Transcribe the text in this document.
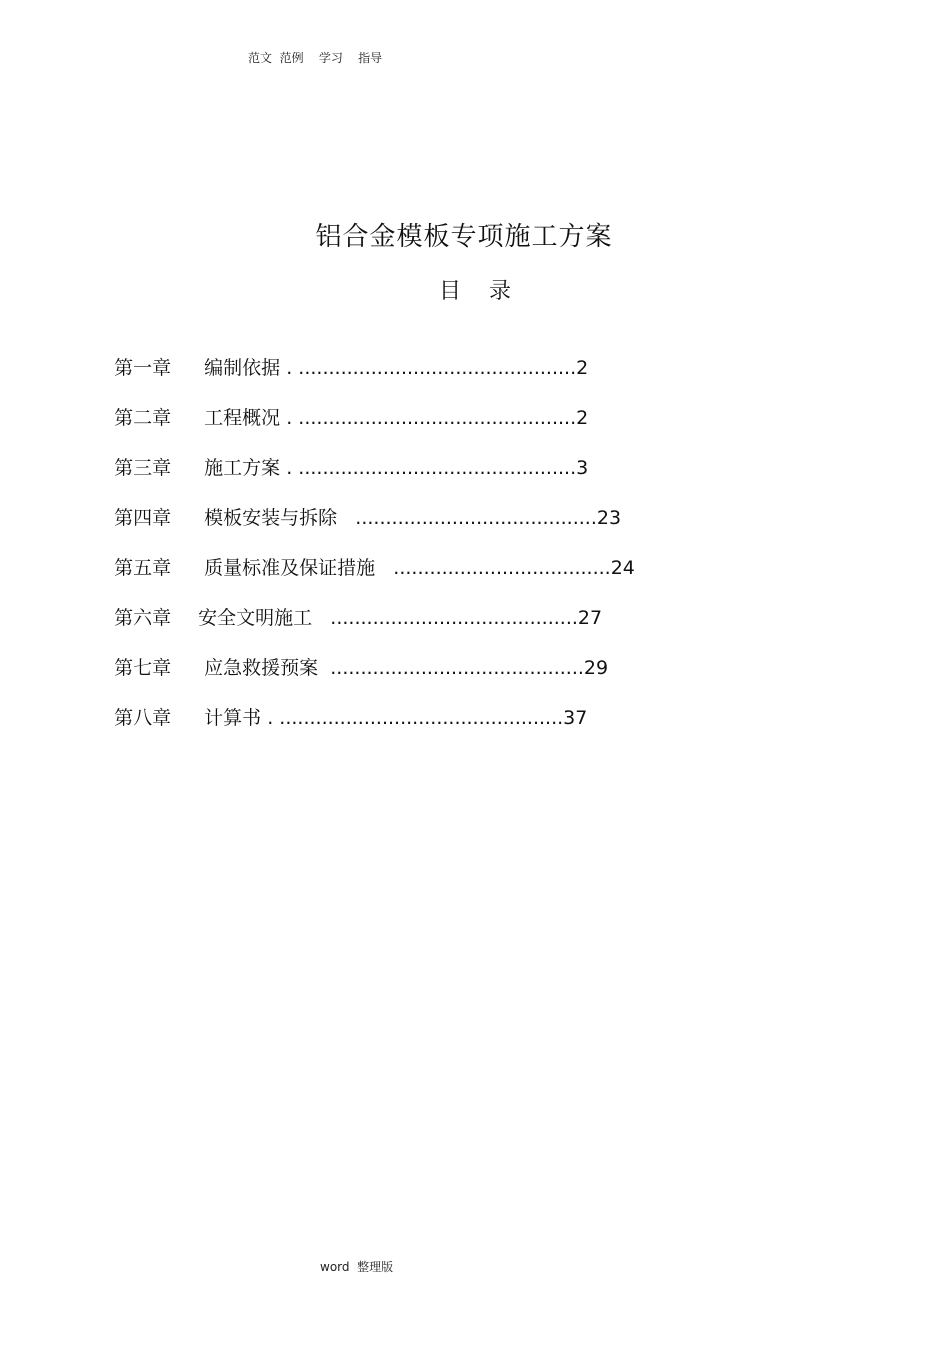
范文  范例    学习    指导
铝合金模板专项施工方案
目    录

第一章 编制依据 . ..............................................2

第二章 工程概况 . ..............................................2

第三章 施工方案 . ..............................................3

第四章 模板安装与拆除   ........................................23

第五章 质量标准及保证措施   ....................................24

第六章 安全文明施工   .........................................27

第七章 应急救援预案  ..........................................29

第八章 计算书 . ...............................................37

word  整理版
